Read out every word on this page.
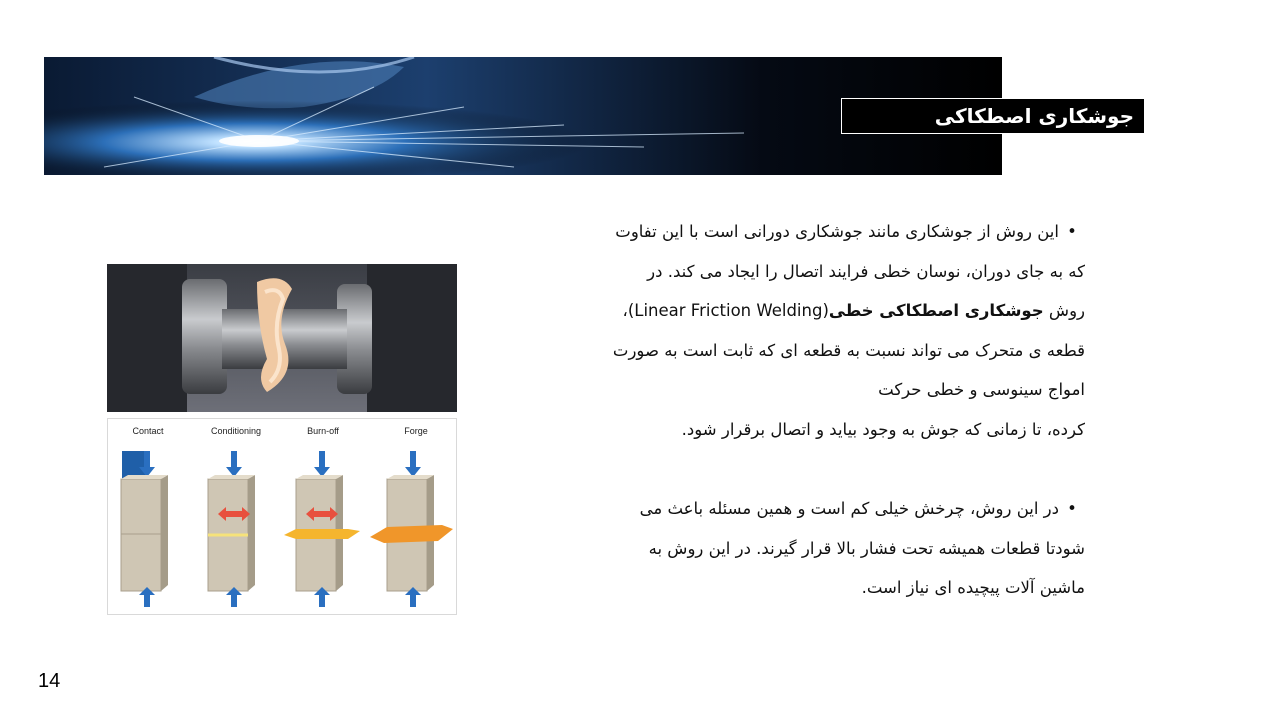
جوشکاری اصطکاکی خطی(LFW)
Contact	Conditioning	Burn-off	Forge

•این روش از جوشکاری مانند جوشکاری دورانی است با این تفاوت

که به جای دوران، نوسان خطی فرایند اتصال را ایجاد می کند. در

روش جوشکاری اصطکاکی خطی(Linear Friction Welding)،

قطعه ی متحرک می تواند نسبت به قطعه ای که ثابت است به صورت

امواج سینوسی و خطی حرکت

کرده، تا زمانی که جوش به وجود بیاید و اتصال برقرار شود.

•در این روش، چرخش خیلی کم است و همین مسئله باعث می

شودتا قطعات همیشه تحت فشار بالا قرار گیرند. در این روش به

ماشین آلات پیچیده ای نیاز است.

14
